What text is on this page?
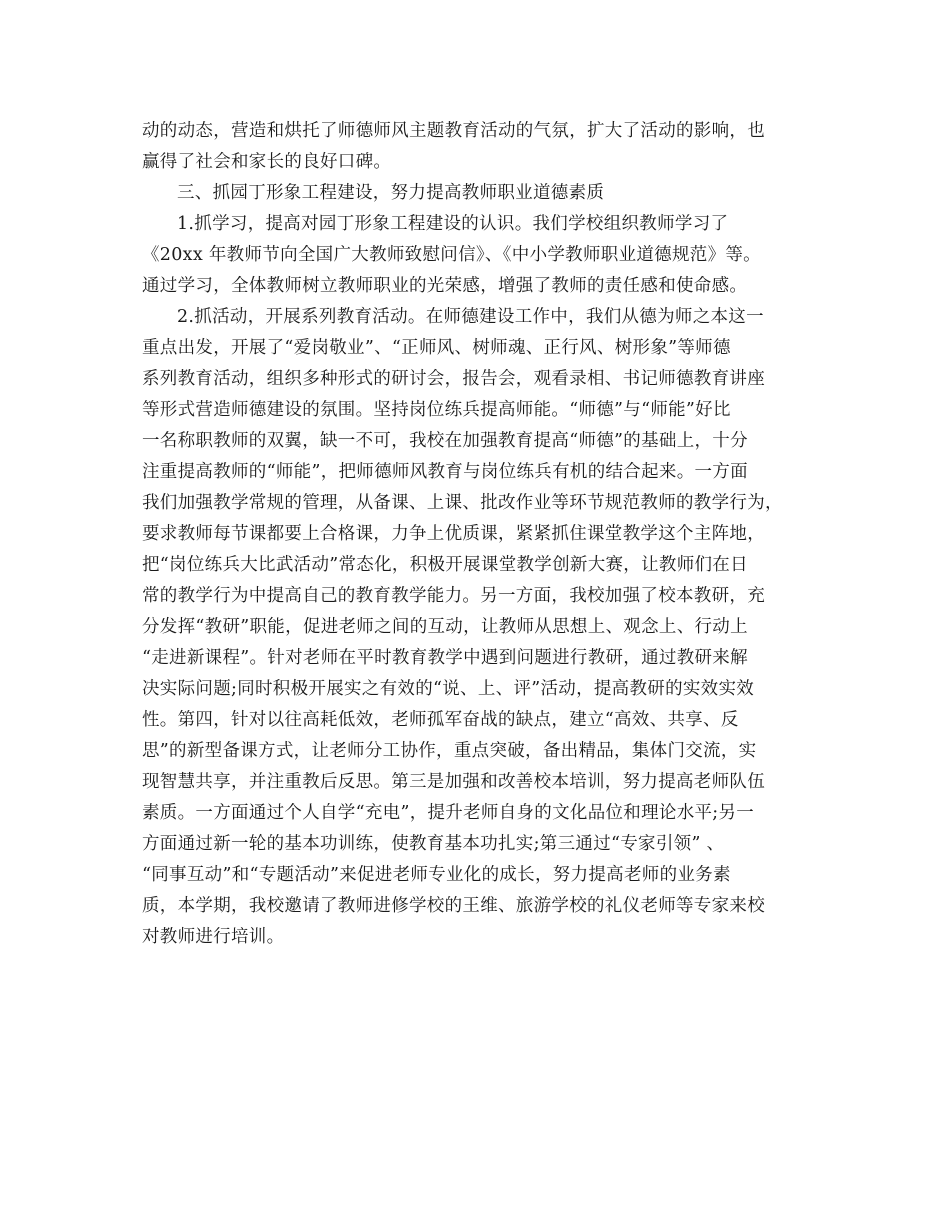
动的动态，营造和烘托了师德师风主题教育活动的气氛，扩大了活动的影响，也
赢得了社会和家长的良好口碑。
三、抓园丁形象工程建设，努力提高教师职业道德素质
1.抓学习，提高对园丁形象工程建设的认识。我们学校组织教师学习了
《20xx 年教师节向全国广大教师致慰问信》、《中小学教师职业道德规范》等。
通过学习，全体教师树立教师职业的光荣感，增强了教师的责任感和使命感。
2.抓活动，开展系列教育活动。在师德建设工作中，我们从德为师之本这一
重点出发，开展了“爱岗敬业”、“正师风、树师魂、正行风、树形象”等师德
系列教育活动，组织多种形式的研讨会，报告会，观看录相、书记师德教育讲座
等形式营造师德建设的氛围。坚持岗位练兵提高师能。“师德”与“师能”好比
一名称职教师的双翼，缺一不可，我校在加强教育提高“师德”的基础上，十分
注重提高教师的“师能”，把师德师风教育与岗位练兵有机的结合起来。一方面
我们加强教学常规的管理，从备课、上课、批改作业等环节规范教师的教学行为，
要求教师每节课都要上合格课，力争上优质课，紧紧抓住课堂教学这个主阵地，
把“岗位练兵大比武活动”常态化，积极开展课堂教学创新大赛，让教师们在日
常的教学行为中提高自己的教育教学能力。另一方面，我校加强了校本教研，充
分发挥“教研”职能，促进老师之间的互动，让教师从思想上、观念上、行动上
“走进新课程”。针对老师在平时教育教学中遇到问题进行教研，通过教研来解
决实际问题;同时积极开展实之有效的“说、上、评”活动，提高教研的实效实效
性。第四，针对以往高耗低效，老师孤军奋战的缺点，建立“高效、共享、反
思”的新型备课方式，让老师分工协作，重点突破，备出精品，集体门交流，实
现智慧共享，并注重教后反思。第三是加强和改善校本培训，努力提高老师队伍
素质。一方面通过个人自学“充电”，提升老师自身的文化品位和理论水平;另一
方面通过新一轮的基本功训练，使教育基本功扎实;第三通过“专家引领” 、
“同事互动”和“专题活动”来促进老师专业化的成长，努力提高老师的业务素
质，本学期，我校邀请了教师进修学校的王维、旅游学校的礼仪老师等专家来校
对教师进行培训。
